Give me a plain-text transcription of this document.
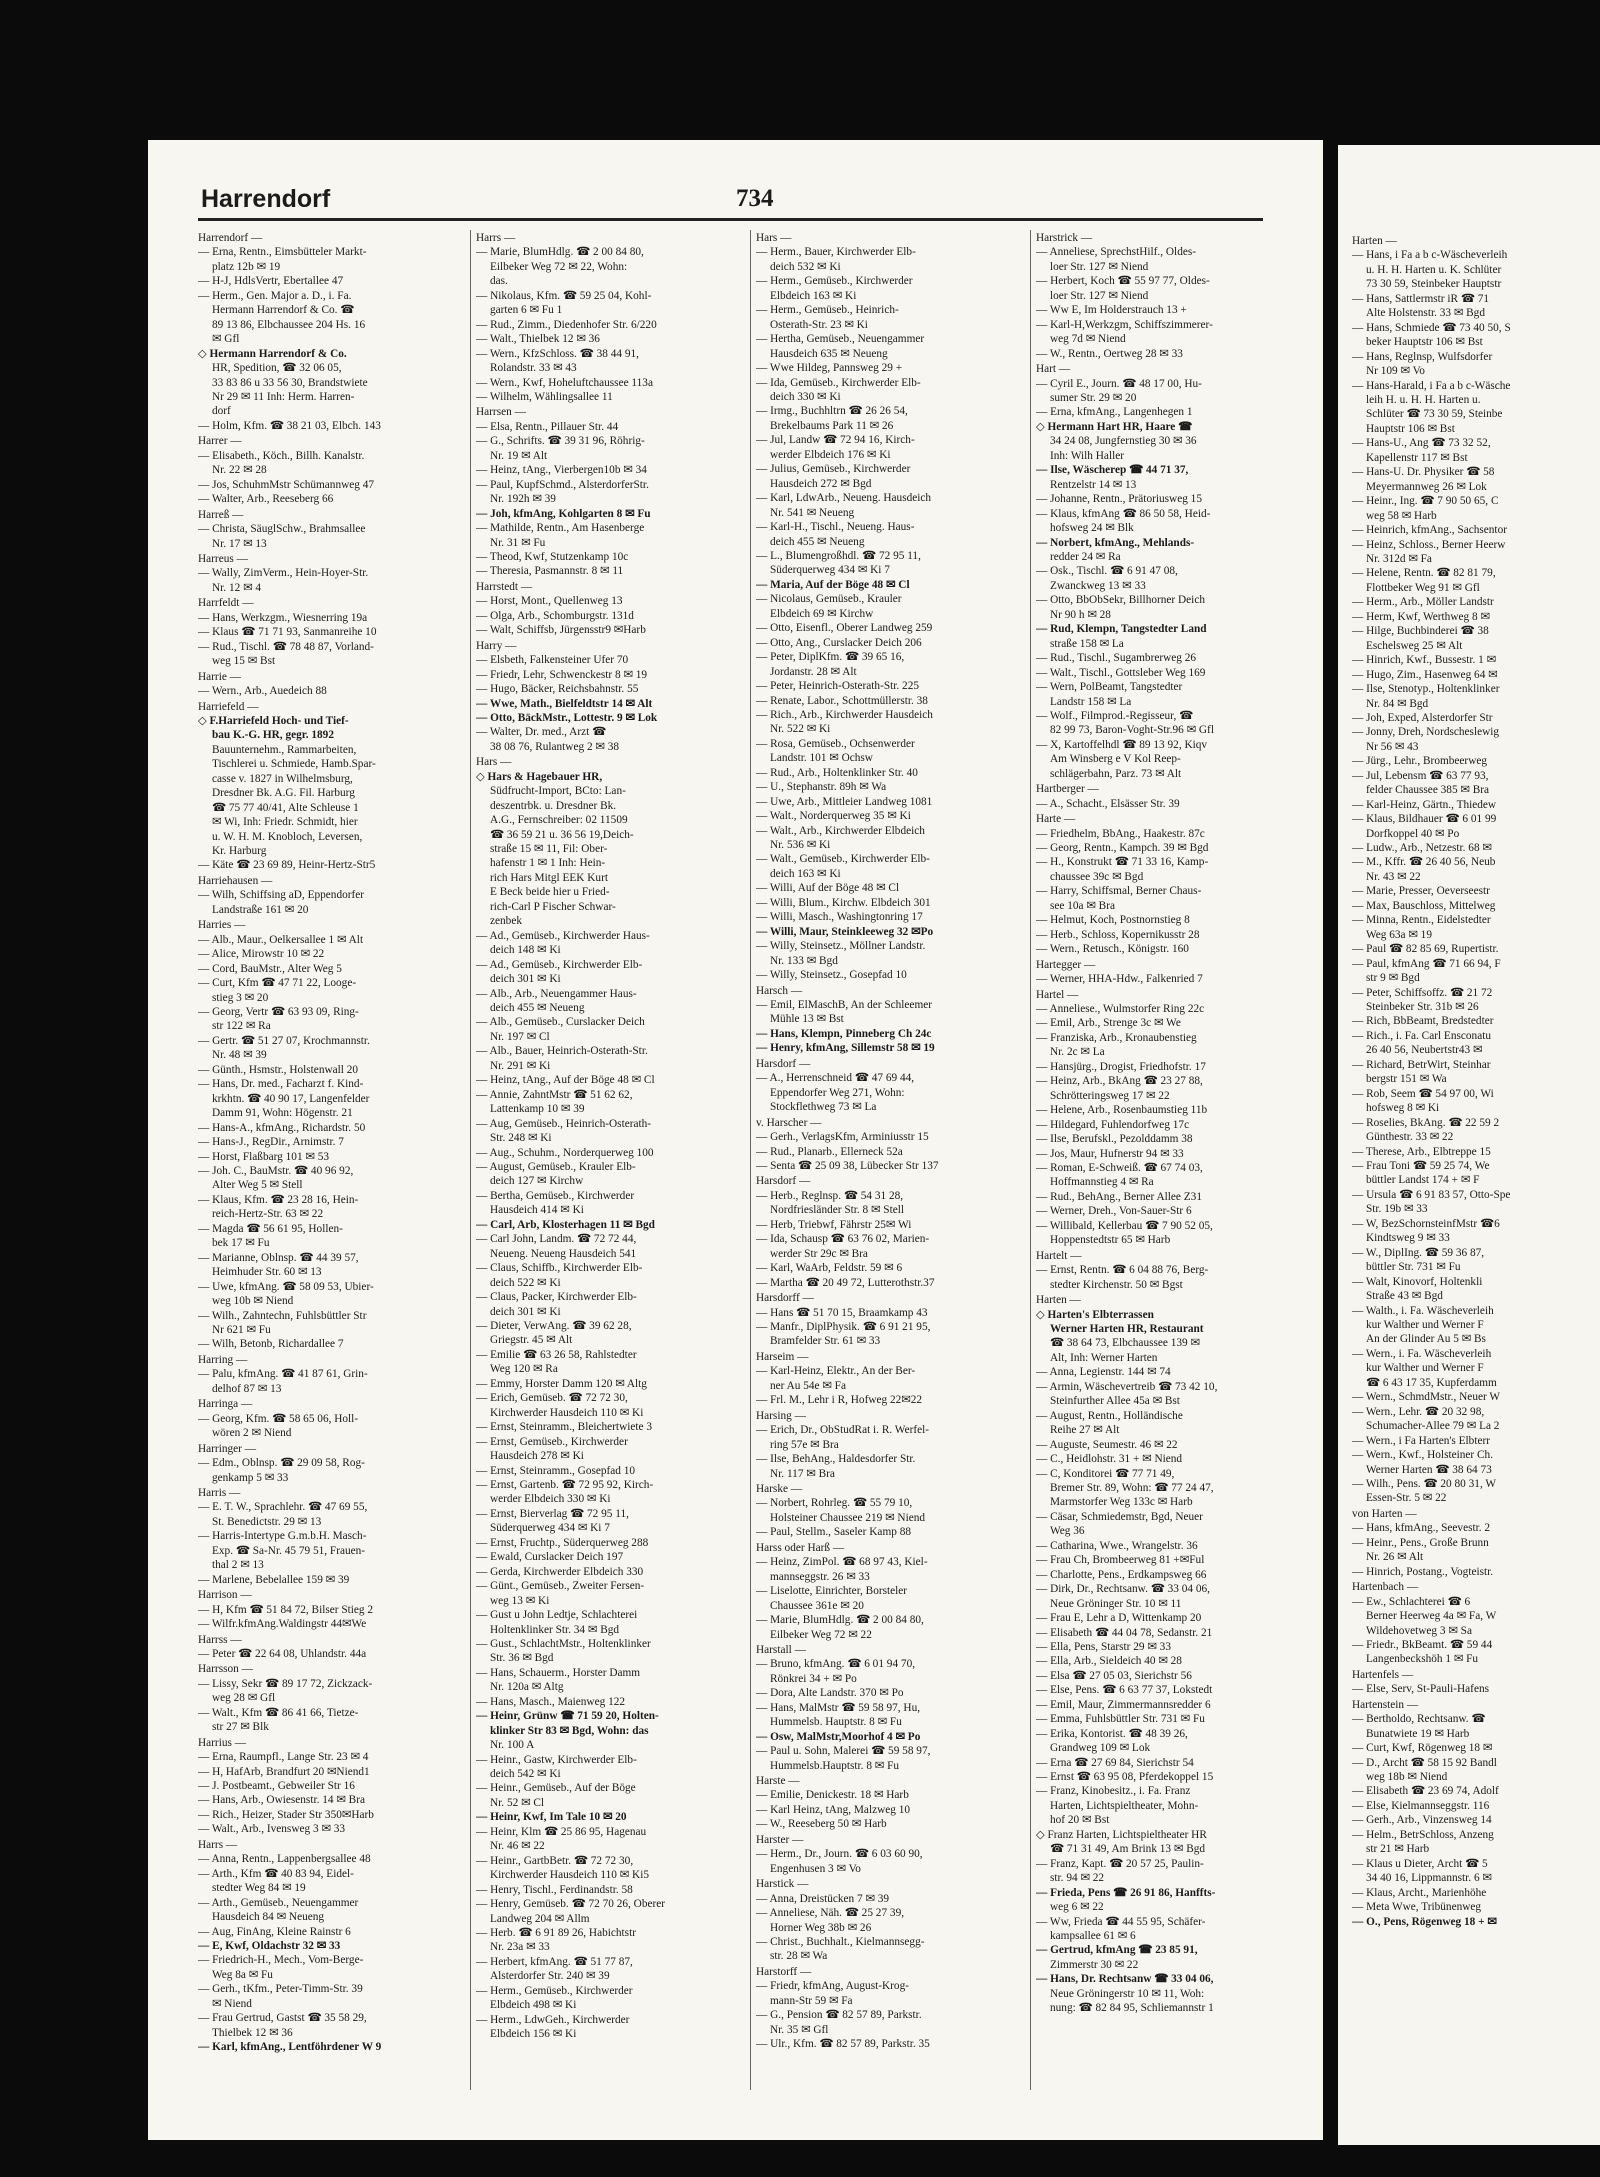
Harrendorf	734
Harrendorf —
— Erna, Rentn., Eimsbütteler Markt-
platz 12b ✉ 19
— H-J, HdlsVertr, Ebertallee 47
— Herm., Gen. Major a. D., i. Fa.
Hermann Harrendorf & Co. ☎
89 13 86, Elbchaussee 204 Hs. 16
✉ Gfl
◇ Hermann Harrendorf & Co.
HR, Spedition, ☎ 32 06 05,
33 83 86 u 33 56 30, Brandstwiete
Nr 29 ✉ 11 Inh: Herm. Harren-
dorf
— Holm, Kfm. ☎ 38 21 03, Elbch. 143
Harrer —
— Elisabeth., Köch., Billh. Kanalstr.
Nr. 22 ✉ 28
— Jos, SchuhmMstr Schümannweg 47
— Walter, Arb., Reeseberg 66
Harreß —
— Christa, SäuglSchw., Brahmsallee
Nr. 17 ✉ 13
Harreus —
— Wally, ZimVerm., Hein-Hoyer-Str.
Nr. 12 ✉ 4
Harrfeldt —
— Hans, Werkzgm., Wiesnerring 19a
— Klaus ☎ 71 71 93, Sanmanreihe 10
— Rud., Tischl. ☎ 78 48 87, Vorland-
weg 15 ✉ Bst
Harrie —
— Wern., Arb., Auedeich 88
Harriefeld —
◇ F.Harriefeld Hoch- und Tief-
bau K.-G. HR, gegr. 1892
Bauunternehm., Rammarbeiten,
Tischlerei u. Schmiede, Hamb.Spar-
casse v. 1827 in Wilhelmsburg,
Dresdner Bk. A.G. Fil. Harburg
☎ 75 77 40/41, Alte Schleuse 1
✉ Wi, Inh: Friedr. Schmidt, hier
u. W. H. M. Knobloch, Leversen,
Kr. Harburg
— Käte ☎ 23 69 89, Heinr-Hertz-Str5
Harriehausen —
— Wilh, Schiffsing aD, Eppendorfer
Landstraße 161 ✉ 20
Harries —
— Alb., Maur., Oelkersallee 1 ✉ Alt
— Alice, Mirowstr 10 ✉ 22
— Cord, BauMstr., Alter Weg 5
— Curt, Kfm ☎ 47 71 22, Looge-
stieg 3 ✉ 20
— Georg, Vertr ☎ 63 93 09, Ring-
str 122 ✉ Ra
— Gertr. ☎ 51 27 07, Krochmannstr.
Nr. 48 ✉ 39
— Günth., Hsmstr., Holstenwall 20
— Hans, Dr. med., Facharzt f. Kind-
krkhtn. ☎ 40 90 17, Langenfelder
Damm 91, Wohn: Högenstr. 21
— Hans-A., kfmAng., Richardstr. 50
— Hans-J., RegDir., Arnimstr. 7
— Horst, Flaßbarg 101 ✉ 53
— Joh. C., BauMstr. ☎ 40 96 92,
Alter Weg 5 ✉ Stell
— Klaus, Kfm. ☎ 23 28 16, Hein-
reich-Hertz-Str. 63 ✉ 22
— Magda ☎ 56 61 95, Hollen-
bek 17 ✉ Fu
— Marianne, Oblnsp. ☎ 44 39 57,
Heimhuder Str. 60 ✉ 13
— Uwe, kfmAng. ☎ 58 09 53, Ubier-
weg 10b ✉ Niend
— Wilh., Zahntechn, Fuhlsbüttler Str
Nr 621 ✉ Fu
— Wilh, Betonb, Richardallee 7
Harring —
— Palu, kfmAng. ☎ 41 87 61, Grin-
delhof 87 ✉ 13
Harringa —
— Georg, Kfm. ☎ 58 65 06, Holl-
wören 2 ✉ Niend
Harringer —
— Edm., Oblnsp. ☎ 29 09 58, Rog-
genkamp 5 ✉ 33
Harris —
— E. T. W., Sprachlehr. ☎ 47 69 55,
St. Benedictstr. 29 ✉ 13
— Harris-Intertype G.m.b.H. Masch-
Exp. ☎ Sa-Nr. 45 79 51, Frauen-
thal 2 ✉ 13
— Marlene, Bebelallee 159 ✉ 39
Harrison —
— H, Kfm ☎ 51 84 72, Bilser Stieg 2
— Wilfr.kfmAng.Waldingstr 44✉We
Harrss —
— Peter ☎ 22 64 08, Uhlandstr. 44a
Harrsson —
— Lissy, Sekr ☎ 89 17 72, Zickzack-
weg 28 ✉ Gfl
— Walt., Kfm ☎ 86 41 66, Tietze-
str 27 ✉ Blk
Harrius —
— Erna, Raumpfl., Lange Str. 23 ✉ 4
— H, HafArb, Brandfurt 20 ✉Niend1
— J. Postbeamt., Gebweiler Str 16
— Hans, Arb., Owiesenstr. 14 ✉ Bra
— Rich., Heizer, Stader Str 350✉Harb
— Walt., Arb., Ivensweg 3 ✉ 33
Harrs —
— Anna, Rentn., Lappenbergsallee 48
— Arth., Kfm ☎ 40 83 94, Eidel-
stedter Weg 84 ✉ 19
— Arth., Gemüseb., Neuengammer
Hausdeich 84 ✉ Neueng
— Aug, FinAng, Kleine Rainstr 6
— E, Kwf, Oldachstr 32 ✉ 33
— Friedrich-H., Mech., Vom-Berge-
Weg 8a ✉ Fu
— Gerh., tKfm., Peter-Timm-Str. 39
✉ Niend
— Frau Gertrud, Gastst ☎ 35 58 29,
Thielbek 12 ✉ 36
— Karl, kfmAng., Lentföhrdener W 9
Harrs —
— Marie, BlumHdlg. ☎ 2 00 84 80,
Eilbeker Weg 72 ✉ 22, Wohn:
das.
— Nikolaus, Kfm. ☎ 59 25 04, Kohl-
garten 6 ✉ Fu 1
— Rud., Zimm., Diedenhofer Str. 6/220
— Walt., Thielbek 12 ✉ 36
— Wern., KfzSchloss. ☎ 38 44 91,
Rolandstr. 33 ✉ 43
— Wern., Kwf, Hoheluftchaussee 113a
— Wilhelm, Wählingsallee 11
Harrsen —
— Elsa, Rentn., Pillauer Str. 44
— G., Schrifts. ☎ 39 31 96, Röhrig-
Nr. 19 ✉ Alt
— Heinz, tAng., Vierbergen10b ✉ 34
— Paul, KupfSchmd., AlsterdorferStr.
Nr. 192h ✉ 39
— Joh, kfmAng, Kohlgarten 8 ✉ Fu
— Mathilde, Rentn., Am Hasenberge
Nr. 31 ✉ Fu
— Theod, Kwf, Stutzenkamp 10c
— Theresia, Pasmannstr. 8 ✉ 11
Harrstedt —
— Horst, Mont., Quellenweg 13
— Olga, Arb., Schomburgstr. 131d
— Walt, Schiffsb, Jürgensstr9 ✉Harb
Harry —
— Elsbeth, Falkensteiner Ufer 70
— Friedr, Lehr, Schwenckestr 8 ✉ 19
— Hugo, Bäcker, Reichsbahnstr. 55
— Wwe, Math., Bielfeldtstr 14 ✉ Alt
— Otto, BäckMstr., Lottestr. 9 ✉ Lok
— Walter, Dr. med., Arzt ☎
38 08 76, Rulantweg 2 ✉ 38
Hars —
◇ Hars & Hagebauer HR,
Südfrucht-Import, BCto: Lan-
deszentrbk. u. Dresdner Bk.
A.G., Fernschreiber: 02 11509
☎ 36 59 21 u. 36 56 19,Deich-
straße 15 ✉ 11, Fil: Ober-
hafenstr 1 ✉ 1 Inh: Hein-
rich Hars Mitgl EEK Kurt
E Beck beide hier u Fried-
rich-Carl P Fischer Schwar-
zenbek
— Ad., Gemüseb., Kirchwerder Haus-
deich 148 ✉ Ki
— Ad., Gemüseb., Kirchwerder Elb-
deich 301 ✉ Ki
— Alb., Arb., Neuengammer Haus-
deich 455 ✉ Neueng
— Alb., Gemüseb., Curslacker Deich
Nr. 197 ✉ Cl
— Alb., Bauer, Heinrich-Osterath-Str.
Nr. 291 ✉ Ki
— Heinz, tAng., Auf der Böge 48 ✉ Cl
— Annie, ZahntMstr ☎ 51 62 62,
Lattenkamp 10 ✉ 39
— Aug, Gemüseb., Heinrich-Osterath-
Str. 248 ✉ Ki
— Aug., Schuhm., Norderquerweg 100
— August, Gemüseb., Krauler Elb-
deich 127 ✉ Kirchw
— Bertha, Gemüseb., Kirchwerder
Hausdeich 414 ✉ Ki
— Carl, Arb, Klosterhagen 11 ✉ Bgd
— Carl John, Landm. ☎ 72 72 44,
Neueng. Neueng Hausdeich 541
— Claus, Schiffb., Kirchwerder Elb-
deich 522 ✉ Ki
— Claus, Packer, Kirchwerder Elb-
deich 301 ✉ Ki
— Dieter, VerwAng. ☎ 39 62 28,
Griegstr. 45 ✉ Alt
— Emilie ☎ 63 26 58, Rahlstedter
Weg 120 ✉ Ra
— Emmy, Horster Damm 120 ✉ Altg
— Erich, Gemüseb. ☎ 72 72 30,
Kirchwerder Hausdeich 110 ✉ Ki
— Ernst, Steinramm., Bleichertwiete 3
— Ernst, Gemüseb., Kirchwerder
Hausdeich 278 ✉ Ki
— Ernst, Steinramm., Gosepfad 10
— Ernst, Gartenb. ☎ 72 95 92, Kirch-
werder Elbdeich 330 ✉ Ki
— Ernst, Bierverlag ☎ 72 95 11,
Süderquerweg 434 ✉ Ki 7
— Ernst, Fruchtp., Süderquerweg 288
— Ewald, Curslacker Deich 197
— Gerda, Kirchwerder Elbdeich 330
— Günt., Gemüseb., Zweiter Fersen-
weg 13 ✉ Ki
— Gust u John Ledtje, Schlachterei
Holtenklinker Str. 34 ✉ Bgd
— Gust., SchlachtMstr., Holtenklinker
Str. 36 ✉ Bgd
— Hans, Schauerm., Horster Damm
Nr. 120a ✉ Altg
— Hans, Masch., Maienweg 122
— Heinr, Grünw ☎ 71 59 20, Holten-
klinker Str 83 ✉ Bgd, Wohn: das
Nr. 100 A
— Heinr., Gastw, Kirchwerder Elb-
deich 542 ✉ Ki
— Heinr., Gemüseb., Auf der Böge
Nr. 52 ✉ Cl
— Heinr, Kwf, Im Tale 10 ✉ 20
— Heinr, Klm ☎ 25 86 95, Hagenau
Nr. 46 ✉ 22
— Heinr., GartbBetr. ☎ 72 72 30,
Kirchwerder Hausdeich 110 ✉ Ki5
— Henry, Tischl., Ferdinandstr. 58
— Henry, Gemüseb. ☎ 72 70 26, Oberer
Landweg 204 ✉ Allm
— Herb. ☎ 6 91 89 26, Habichtstr
Nr. 23a ✉ 33
— Herbert, kfmAng. ☎ 51 77 87,
Alsterdorfer Str. 240 ✉ 39
— Herm., Gemüseb., Kirchwerder
Elbdeich 498 ✉ Ki
— Herm., LdwGeh., Kirchwerder
Elbdeich 156 ✉ Ki
Hars —
— Herm., Bauer, Kirchwerder Elb-
deich 532 ✉ Ki
— Herm., Gemüseb., Kirchwerder
Elbdeich 163 ✉ Ki
— Herm., Gemüseb., Heinrich-
Osterath-Str. 23 ✉ Ki
— Hertha, Gemüseb., Neuengammer
Hausdeich 635 ✉ Neueng
— Wwe Hildeg, Pannsweg 29 +
— Ida, Gemüseb., Kirchwerder Elb-
deich 330 ✉ Ki
— Irmg., Buchhltrn ☎ 26 26 54,
Brekelbaums Park 11 ✉ 26
— Jul, Landw ☎ 72 94 16, Kirch-
werder Elbdeich 176 ✉ Ki
— Julius, Gemüseb., Kirchwerder
Hausdeich 272 ✉ Bgd
— Karl, LdwArb., Neueng. Hausdeich
Nr. 541 ✉ Neueng
— Karl-H., Tischl., Neueng. Haus-
deich 455 ✉ Neueng
— L., Blumengroßhdl. ☎ 72 95 11,
Süderquerweg 434 ✉ Ki 7
— Maria, Auf der Böge 48 ✉ Cl
— Nicolaus, Gemüseb., Krauler
Elbdeich 69 ✉ Kirchw
— Otto, Eisenfl., Oberer Landweg 259
— Otto, Ang., Curslacker Deich 206
— Peter, DiplKfm. ☎ 39 65 16,
Jordanstr. 28 ✉ Alt
— Peter, Heinrich-Osterath-Str. 225
— Renate, Labor., Schottmüllerstr. 38
— Rich., Arb., Kirchwerder Hausdeich
Nr. 522 ✉ Ki
— Rosa, Gemüseb., Ochsenwerder
Landstr. 101 ✉ Ochsw
— Rud., Arb., Holtenklinker Str. 40
— U., Stephanstr. 89h ✉ Wa
— Uwe, Arb., Mittleier Landweg 1081
— Walt., Norderquerweg 35 ✉ Ki
— Walt., Arb., Kirchwerder Elbdeich
Nr. 536 ✉ Ki
— Walt., Gemüseb., Kirchwerder Elb-
deich 163 ✉ Ki
— Willi, Auf der Böge 48 ✉ Cl
— Willi, Blum., Kirchw. Elbdeich 301
— Willi, Masch., Washingtonring 17
— Willi, Maur, Steinkleeweg 32 ✉Po
— Willy, Steinsetz., Möllner Landstr.
Nr. 133 ✉ Bgd
— Willy, Steinsetz., Gosepfad 10
Harsch —
— Emil, ElMaschB, An der Schleemer
Mühle 13 ✉ Bst
— Hans, Klempn, Pinneberg Ch 24c
— Henry, kfmAng, Sillemstr 58 ✉ 19
Harsdorf —
— A., Herrenschneid ☎ 47 69 44,
Eppendorfer Weg 271, Wohn:
Stockflethweg 73 ✉ La
v. Harscher —
— Gerh., VerlagsKfm, Arminiusstr 15
— Rud., Planarb., Ellerneck 52a
— Senta ☎ 25 09 38, Lübecker Str 137
Harsdorf —
— Herb., Reglnsp. ☎ 54 31 28,
Nordfriesländer Str. 8 ✉ Stell
— Herb, Triebwf, Fährstr 25✉ Wi
— Ida, Schausp ☎ 63 76 02, Marien-
werder Str 29c ✉ Bra
— Karl, WaArb, Feldstr. 59 ✉ 6
— Martha ☎ 20 49 72, Lutterothstr.37
Harsdorff —
— Hans ☎ 51 70 15, Braamkamp 43
— Manfr., DiplPhysik. ☎ 6 91 21 95,
Bramfelder Str. 61 ✉ 33
Harseim —
— Karl-Heinz, Elektr., An der Ber-
ner Au 54e ✉ Fa
— Frl. M., Lehr i R, Hofweg 22✉22
Harsing —
— Erich, Dr., ObStudRat i. R. Werfel-
ring 57e ✉ Bra
— Ilse, BehAng., Haldesdorfer Str.
Nr. 117 ✉ Bra
Harske —
— Norbert, Rohrleg. ☎ 55 79 10,
Holsteiner Chaussee 219 ✉ Niend
— Paul, Stellm., Saseler Kamp 88
Harss oder Harß —
— Heinz, ZimPol. ☎ 68 97 43, Kiel-
mannseggstr. 26 ✉ 33
— Liselotte, Einrichter, Borsteler
Chaussee 361e ✉ 20
— Marie, BlumHdlg. ☎ 2 00 84 80,
Eilbeker Weg 72 ✉ 22
Harstall —
— Bruno, kfmAng. ☎ 6 01 94 70,
Rönkrei 34 + ✉ Po
— Dora, Alte Landstr. 370 ✉ Po
— Hans, MalMstr ☎ 59 58 97, Hu,
Hummelsb. Hauptstr. 8 ✉ Fu
— Osw, MalMstr,Moorhof 4 ✉ Po
— Paul u. Sohn, Malerei ☎ 59 58 97,
Hummelsb.Hauptstr. 8 ✉ Fu
Harste —
— Emilie, Denickestr. 18 ✉ Harb
— Karl Heinz, tAng, Malzweg 10
— W., Reeseberg 50 ✉ Harb
Harster —
— Herm., Dr., Journ. ☎ 6 03 60 90,
Engenhusen 3 ✉ Vo
Harstick —
— Anna, Dreistücken 7 ✉ 39
— Anneliese, Näh. ☎ 25 27 39,
Horner Weg 38b ✉ 26
— Christ., Buchhalt., Kielmannsegg-
str. 28 ✉ Wa
Harstorff —
— Friedr, kfmAng, August-Krog-
mann-Str 59 ✉ Fa
— G., Pension ☎ 82 57 89, Parkstr.
Nr. 35 ✉ Gfl
— Ulr., Kfm. ☎ 82 57 89, Parkstr. 35
Harstrick —
— Anneliese, SprechstHilf., Oldes-
loer Str. 127 ✉ Niend
— Herbert, Koch ☎ 55 97 77, Oldes-
loer Str. 127 ✉ Niend
— Ww E, Im Holderstrauch 13 +
— Karl-H,Werkzgm, Schiffszimmerer-
weg 7d ✉ Niend
— W., Rentn., Oertweg 28 ✉ 33
Hart —
— Cyril E., Journ. ☎ 48 17 00, Hu-
sumer Str. 29 ✉ 20
— Erna, kfmAng., Langenhegen 1
◇ Hermann Hart HR, Haare ☎
34 24 08, Jungfernstieg 30 ✉ 36
Inh: Wilh Haller
— Ilse, Wäscherep ☎ 44 71 37,
Rentzelstr 14 ✉ 13
— Johanne, Rentn., Prätoriusweg 15
— Klaus, kfmAng ☎ 86 50 58, Heid-
hofsweg 24 ✉ Blk
— Norbert, kfmAng., Mehlands-
redder 24 ✉ Ra
— Osk., Tischl. ☎ 6 91 47 08,
Zwanckweg 13 ✉ 33
— Otto, BbObSekr, Billhorner Deich
Nr 90 h ✉ 28
— Rud, Klempn, Tangstedter Land
straße 158 ✉ La
— Rud., Tischl., Sugambrerweg 26
— Walt., Tischl., Gottsleber Weg 169
— Wern, PolBeamt, Tangstedter
Landstr 158 ✉ La
— Wolf., Filmprod.-Regisseur, ☎
82 99 73, Baron-Voght-Str.96 ✉ Gfl
— X, Kartoffelhdl ☎ 89 13 92, Kiqv
Am Winsberg e V Kol Reep-
schlägerbahn, Parz. 73 ✉ Alt
Hartberger —
— A., Schacht., Elsässer Str. 39
Harte —
— Friedhelm, BbAng., Haakestr. 87c
— Georg, Rentn., Kampch. 39 ✉ Bgd
— H., Konstrukt ☎ 71 33 16, Kamp-
chaussee 39c ✉ Bgd
— Harry, Schiffsmal, Berner Chaus-
see 10a ✉ Bra
— Helmut, Koch, Postnornstieg 8
— Herb., Schloss, Kopernikusstr 28
— Wern., Retusch., Königstr. 160
Hartegger —
— Werner, HHA-Hdw., Falkenried 7
Hartel —
— Anneliese., Wulmstorfer Ring 22c
— Emil, Arb., Strenge 3c ✉ We
— Franziska, Arb., Kronaubenstieg
Nr. 2c ✉ La
— Hansjürg., Drogist, Friedhofstr. 17
— Heinz, Arb., BkAng ☎ 23 27 88,
Schrötteringsweg 17 ✉ 22
— Helene, Arb., Rosenbaumstieg 11b
— Hildegard, Fuhlendorfweg 17c
— Ilse, Berufskl., Pezolddamm 38
— Jos, Maur, Hufnerstr 94 ✉ 33
— Roman, E-Schweiß. ☎ 67 74 03,
Hoffmannstieg 4 ✉ Ra
— Rud., BehAng., Berner Allee Z31
— Werner, Dreh., Von-Sauer-Str 6
— Willibald, Kellerbau ☎ 7 90 52 05,
Hoppenstedtstr 65 ✉ Harb
Hartelt —
— Ernst, Rentn. ☎ 6 04 88 76, Berg-
stedter Kirchenstr. 50 ✉ Bgst
Harten —
◇ Harten's Elbterrassen
Werner Harten HR, Restaurant
☎ 38 64 73, Elbchaussee 139 ✉
Alt, Inh: Werner Harten
— Anna, Legienstr. 144 ✉ 74
— Armin, Wäschevertreib ☎ 73 42 10,
Steinfurther Allee 45a ✉ Bst
— August, Rentn., Holländische
Reihe 27 ✉ Alt
— Auguste, Seumestr. 46 ✉ 22
— C., Heidlohstr. 31 + ✉ Niend
— C, Konditorei ☎ 77 71 49,
Bremer Str. 89, Wohn: ☎ 77 24 47,
Marmstorfer Weg 133c ✉ Harb
— Cäsar, Schmiedemstr, Bgd, Neuer
Weg 36
— Catharina, Wwe., Wrangelstr. 36
— Frau Ch, Brombeerweg 81 +✉Ful
— Charlotte, Pens., Erdkampsweg 66
— Dirk, Dr., Rechtsanw. ☎ 33 04 06,
Neue Gröninger Str. 10 ✉ 11
— Frau E, Lehr a D, Wittenkamp 20
— Elisabeth ☎ 44 04 78, Sedanstr. 21
— Ella, Pens, Starstr 29 ✉ 33
— Ella, Arb., Sieldeich 40 ✉ 28
— Elsa ☎ 27 05 03, Sierichstr 56
— Else, Pens. ☎ 6 63 77 37, Lokstedt
— Emil, Maur, Zimmermannsredder 6
— Emma, Fuhlsbüttler Str. 731 ✉ Fu
— Erika, Kontorist. ☎ 48 39 26,
Grandweg 109 ✉ Lok
— Erna ☎ 27 69 84, Sierichstr 54
— Ernst ☎ 63 95 08, Pferdekoppel 15
— Franz, Kinobesitz., i. Fa. Franz
Harten, Lichtspieltheater, Mohn-
hof 20 ✉ Bst
◇ Franz Harten, Lichtspieltheater HR
☎ 71 31 49, Am Brink 13 ✉ Bgd
— Franz, Kapt. ☎ 20 57 25, Paulin-
str. 94 ✉ 22
— Frieda, Pens ☎ 26 91 86, Hanffts-
weg 6 ✉ 22
— Ww, Frieda ☎ 44 55 95, Schäfer-
kampsallee 61 ✉ 6
— Gertrud, kfmAng ☎ 23 85 91,
Zimmerstr 30 ✉ 22
— Hans, Dr. Rechtsanw ☎ 33 04 06,
Neue Gröningerstr 10 ✉ 11, Woh:
nung: ☎ 82 84 95, Schliemannstr 1
Harten —
— Hans, i Fa a b c-Wäscheverleih
u. H. H. Harten u. K. Schlüter
73 30 59, Steinbeker Hauptstr
— Hans, Sattlermstr iR ☎ 71
Alte Holstenstr. 33 ✉ Bgd
— Hans, Schmiede ☎ 73 40 50, S
beker Hauptstr 106 ✉ Bst
— Hans, Reglnsp, Wulfsdorfer
Nr 109 ✉ Vo
— Hans-Harald, i Fa a b c-Wäsche
leih H. u. H. H. Harten u.
Schlüter ☎ 73 30 59, Steinbe
Hauptstr 106 ✉ Bst
— Hans-U., Ang ☎ 73 32 52,
Kapellenstr 117 ✉ Bst
— Hans-U. Dr. Physiker ☎ 58
Meyermannweg 26 ✉ Lok
— Heinr., Ing. ☎ 7 90 50 65, C
weg 58 ✉ Harb
— Heinrich, kfmAng., Sachsentor
— Heinz, Schloss., Berner Heerw
Nr. 312d ✉ Fa
— Helene, Rentn. ☎ 82 81 79,
Flottbeker Weg 91 ✉ Gfl
— Herm., Arb., Möller Landstr
— Herm, Kwf, Werthweg 8 ✉
— Hilge, Buchbinderei ☎ 38
Eschelsweg 25 ✉ Alt
— Hinrich, Kwf., Bussestr. 1 ✉
— Hugo, Zim., Hasenweg 64 ✉
— Ilse, Stenotyp., Holtenklinker
Nr. 84 ✉ Bgd
— Joh, Exped, Alsterdorfer Str
— Jonny, Dreh, Nordscheslewig
Nr 56 ✉ 43
— Jürg., Lehr., Brombeerweg
— Jul, Lebensm ☎ 63 77 93,
felder Chaussee 385 ✉ Bra
— Karl-Heinz, Gärtn., Thiedew
— Klaus, Bildhauer ☎ 6 01 99
Dorfkoppel 40 ✉ Po
— Ludw., Arb., Netzestr. 68 ✉
— M., Kffr. ☎ 26 40 56, Neub
Nr. 43 ✉ 22
— Marie, Presser, Oeverseestr
— Max, Bauschloss, Mittelweg
— Minna, Rentn., Eidelstedter
Weg 63a ✉ 19
— Paul ☎ 82 85 69, Rupertistr.
— Paul, kfmAng ☎ 71 66 94, F
str 9 ✉ Bgd
— Peter, Schiffsoffz. ☎ 21 72
Steinbeker Str. 31b ✉ 26
— Rich, BbBeamt, Bredstedter
— Rich., i. Fa. Carl Ensconatu
26 40 56, Neubertstr43 ✉
— Richard, BetrWirt, Steinhar
bergstr 151 ✉ Wa
— Rob, Seem ☎ 54 97 00, Wi
hofsweg 8 ✉ Ki
— Roselies, BkAng. ☎ 22 59 2
Günthestr. 33 ✉ 22
— Therese, Arb., Elbtreppe 15
— Frau Toni ☎ 59 25 74, We
büttler Landst 174 + ✉ F
— Ursula ☎ 6 91 83 57, Otto-Spe
Str. 19b ✉ 33
— W, BezSchornsteinfMstr ☎6
Kindtsweg 9 ✉ 33
— W., DiplIng. ☎ 59 36 87,
büttler Str. 731 ✉ Fu
— Walt, Kinovorf, Holtenkli
Straße 43 ✉ Bgd
— Walth., i. Fa. Wäscheverleih
kur Walther und Werner F
An der Glinder Au 5 ✉ Bs
— Wern., i. Fa. Wäscheverleih
kur Walther und Werner F
☎ 6 43 17 35, Kupferdamm
— Wern., SchmdMstr., Neuer W
— Wern., Lehr. ☎ 20 32 98,
Schumacher-Allee 79 ✉ La 2
— Wern., i Fa Harten's Elbterr
— Wern., Kwf., Holsteiner Ch.
Werner Harten ☎ 38 64 73
— Wilh., Pens. ☎ 20 80 31, W
Essen-Str. 5 ✉ 22
von Harten —
— Hans, kfmAng., Seevestr. 2
— Heinr., Pens., Große Brunn
Nr. 26 ✉ Alt
— Hinrich, Postang., Vogteistr.
Hartenbach —
— Ew., Schlachterei ☎ 6
Berner Heerweg 4a ✉ Fa, W
Wildehovetweg 3 ✉ Sa
— Friedr., BkBeamt. ☎ 59 44
Langenbeckshöh 1 ✉ Fu
Hartenfels —
— Else, Serv, St-Pauli-Hafens
Hartenstein —
— Bertholdo, Rechtsanw. ☎
Bunatwiete 19 ✉ Harb
— Curt, Kwf, Rögenweg 18 ✉
— D., Archt ☎ 58 15 92 Bandl
weg 18b ✉ Niend
— Elisabeth ☎ 23 69 74, Adolf
— Else, Kielmannseggstr. 116
— Gerh., Arb., Vinzensweg 14
— Helm., BetrSchloss, Anzeng
str 21 ✉ Harb
— Klaus u Dieter, Archt ☎ 5
34 40 16, Lippmannstr. 6 ✉
— Klaus, Archt., Marienhöhe
— Meta Wwe, Tribünenweg
— O., Pens, Rögenweg 18 + ✉
